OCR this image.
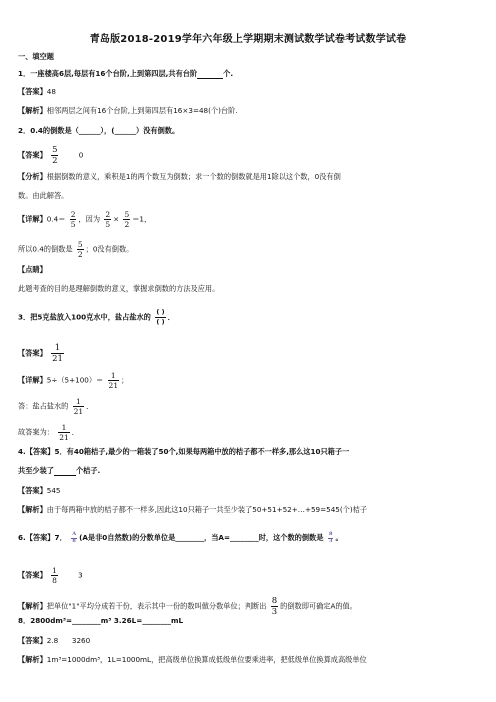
青岛版2018-2019学年六年级上学期期末测试数学试卷考试数学试卷
一、填空题
1．一座楼高6层,每层有16个台阶,上到第四层,共有台阶	个.
【答案】48
【解析】相邻两层之间有16个台阶,上到第四层有16×3=48(个)台阶.
2．0.4的倒数是（______），(______）没有倒数。
【答案】 $\frac{5}{2}$	0
【分析】根据倒数的意义，乘积是1的两个数互为倒数；求一个数的倒数就是用1除以这个数，0没有倒
数。由此解答。
【详解】$0.4= \frac{2}{5}$ ，因为 $\frac{2}{5} \times \frac{5}{2} =1$，
所以0.4的倒数是 $\frac{5}{2}$ ；0没有倒数。
【点睛】
此题考查的目的是理解倒数的意义，掌握求倒数的方法及应用。
3．把5克盐放入100克水中，盐占盐水的 $\frac{( )}{( )}$ ．
【答案】 $\frac{1}{21}$
【详解】$5\div(5+100)= \frac{1}{21}$ ；
答：盐占盐水的 $\frac{1}{21}$ ．
故答案为： $\frac{1}{21}$ ．
4.【答案】5．有40箱桔子,最少的一箱装了50个,如果每两箱中放的桔子都不一样多,那么这10只箱子一
共至少装了	个桔子.
【答案】545
【解析】由于每两箱中放的桔子都不一样多,因此这10只箱子一共至少装了50+51+52+…+59=545(个)桔子
6.【答案】7． $\frac{A}{8} (A$是非0自然数)的分数单位是________，当A=________时，这个数的倒数是 $\frac{8}{3}$ 。
【答案】 $\frac{1}{8}$	3
【解析】把单位"1"平均分成若干份，表示其中一份的数叫做分数单位；判断出 $\frac{8}{3}$ 的倒数即可确定A的值。
8．2800dm³=________m³ 3.26L=________mL
【答案】2.8      3260
【解析】1m³=1000dm³，1L=1000mL，把高级单位换算成低级单位要乘进率，把低级单位换算成高级单位
